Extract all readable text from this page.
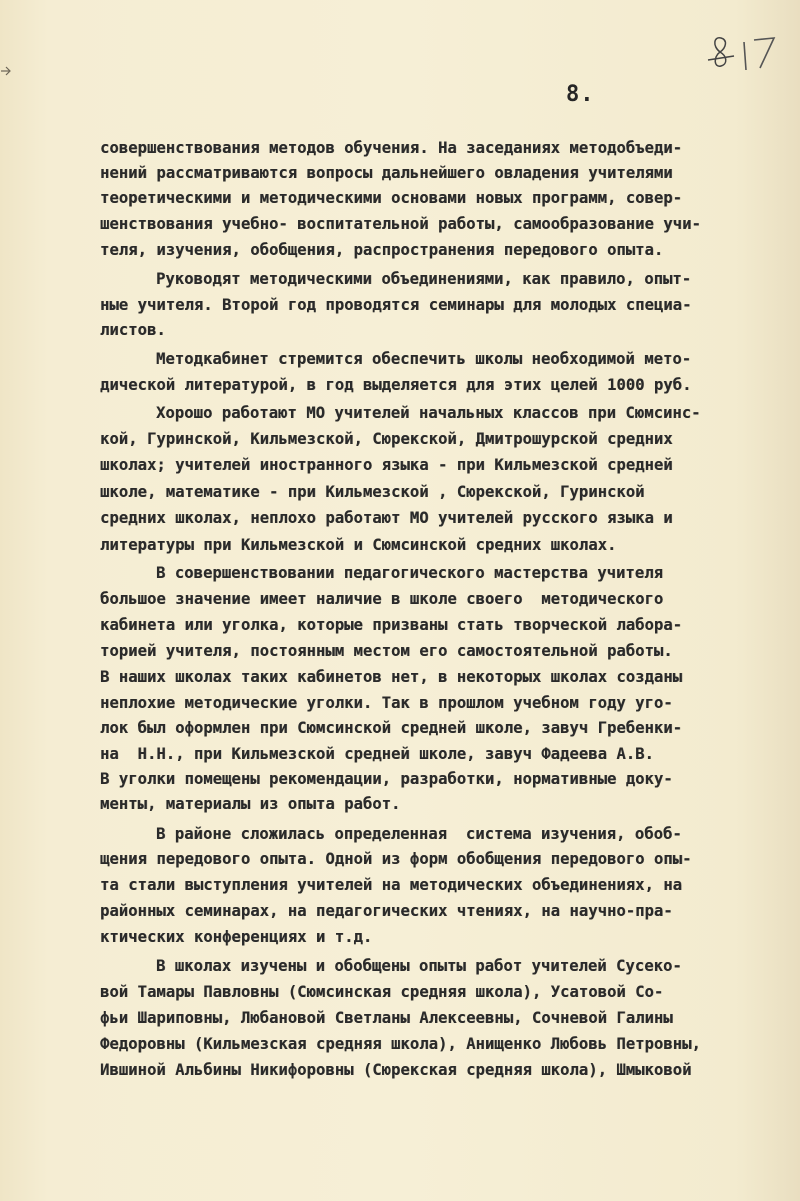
8.
совершенствования методов обучения. На заседаниях методобъеди-
нений рассматриваются вопросы дальнейшего овладения учителями
теоретическими и методическими основами новых программ, совер-
шенствования учебно- воспитательной работы, самообразование учи-
теля, изучения, обобщения, распространения передового опыта.
Руководят методическими объединениями, как правило, опыт-
ные учителя. Второй год проводятся семинары для молодых специа-
листов.
Методкабинет стремится обеспечить школы необходимой мето-
дической литературой, в год выделяется для этих целей 1000 руб.
Хорошо работают МО учителей начальных классов при Сюмсинс-
кой, Гуринской, Кильмезской, Сюрекской, Дмитрошурской средних
школах; учителей иностранного языка - при Кильмезской средней
школе, математике - при Кильмезской , Сюрекской, Гуринской
средних школах, неплохо работают МО учителей русского языка и
литературы при Кильмезской и Сюмсинской средних школах.
В совершенствовании педагогического мастерства учителя
большое значение имеет наличие в школе своего  методического
кабинета или уголка, которые призваны стать творческой лабора-
торией учителя, постоянным местом его самостоятельной работы.
В наших школах таких кабинетов нет, в некоторых школах созданы
неплохие методические уголки. Так в прошлом учебном году уго-
лок был оформлен при Сюмсинской средней школе, завуч Гребенки-
на  Н.Н., при Кильмезской средней школе, завуч Фадеева А.В.
В уголки помещены рекомендации, разработки, нормативные доку-
менты, материалы из опыта работ.
В районе сложилась определенная  система изучения, обоб-
щения передового опыта. Одной из форм обобщения передового опы-
та стали выступления учителей на методических объединениях, на
районных семинарах, на педагогических чтениях, на научно-пра-
ктических конференциях и т.д.
В школах изучены и обобщены опыты работ учителей Сусеко-
вой Тамары Павловны (Сюмсинская средняя школа), Усатовой Со-
фьи Шариповны, Любановой Светланы Алексеевны, Сочневой Галины
Федоровны (Кильмезская средняя школа), Анищенко Любовь Петровны,
Ившиной Альбины Никифоровны (Сюрекская средняя школа), Шмыковой
